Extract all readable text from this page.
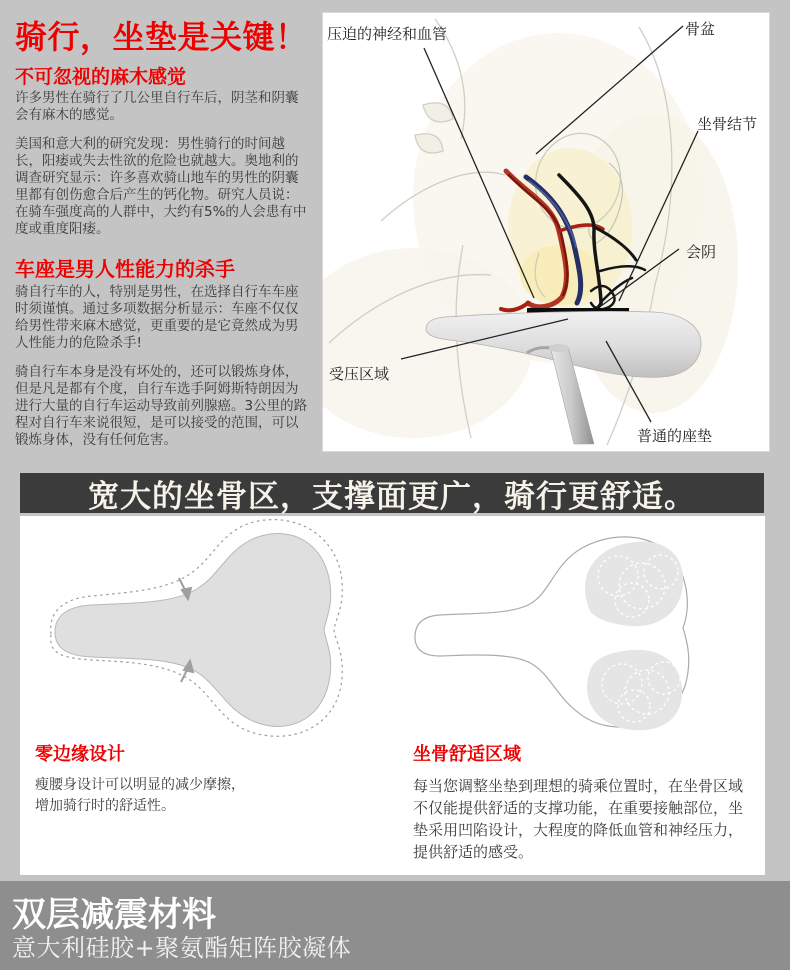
骑行，坐垫是关键！
不可忽视的麻木感觉

许多男性在骑行了几公里自行车后，阴茎和阴囊会有麻木的感觉。

美国和意大利的研究发现：男性骑行的时间越长，阳痿或失去性欲的危险也就越大。奥地利的调查研究显示：许多喜欢骑山地车的男性的阴囊里都有创伤愈合后产生的钙化物。研究人员说：在骑车强度高的人群中，大约有5%的人会患有中度或重度阳痿。

车座是男人性能力的杀手

骑自行车的人，特别是男性，在选择自行车车座时须谨慎。通过多项数据分析显示：车座不仅仅给男性带来麻木感觉，更重要的是它竟然成为男人性能力的危险杀手!

骑自行车本身是没有坏处的，还可以锻炼身体，但是凡是都有个度，自行车选手阿姆斯特朗因为进行大量的自行车运动导致前列腺癌。3公里的路程对自行车来说很短，是可以接受的范围，可以锻炼身体，没有任何危害。

压迫的神经和血管	骨盆
坐骨结节
会阴
受压区域
普通的座垫
宽大的坐骨区，支撑面更广，骑行更舒适。
零边缘设计

瘦腰身设计可以明显的减少摩擦，增加骑行时的舒适性。

坐骨舒适区域

每当您调整坐垫到理想的骑乘位置时，在坐骨区域不仅能提供舒适的支撑功能，在重要接触部位，坐垫采用凹陷设计，大程度的降低血管和神经压力，提供舒适的感受。

双层减震材料

意大利硅胶+聚氨酯矩阵胶凝体
